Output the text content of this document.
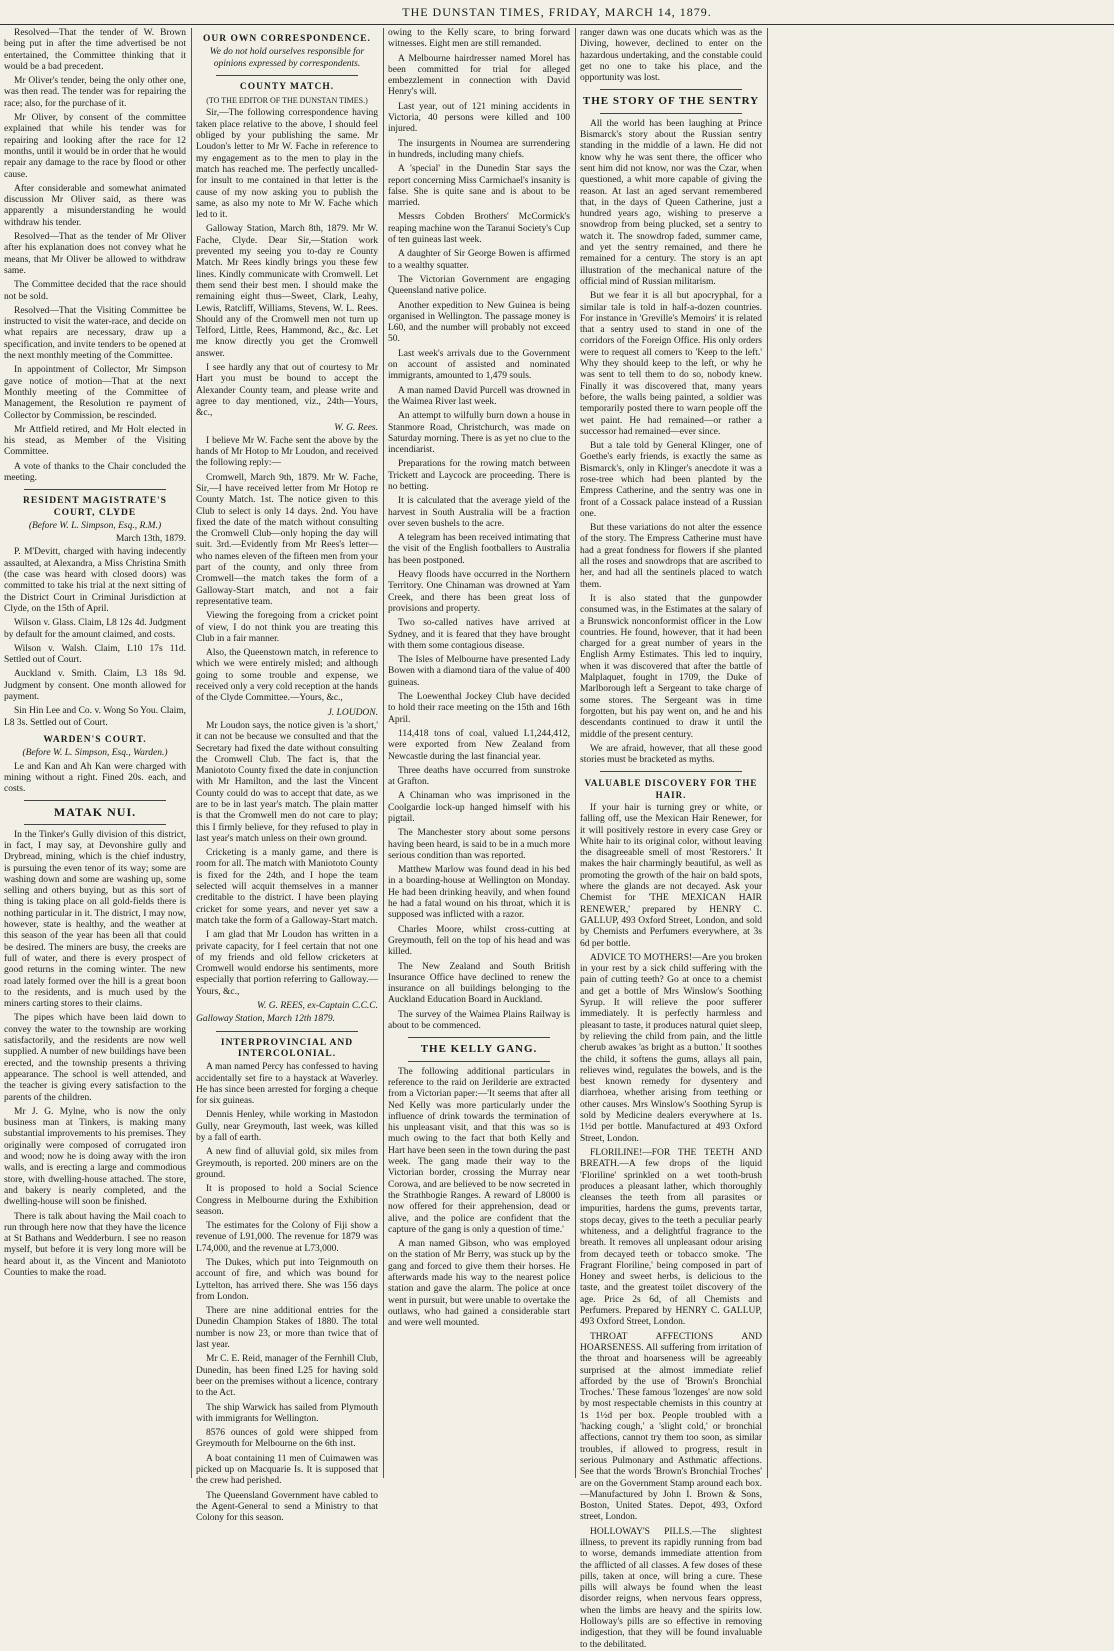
THE DUNSTAN TIMES, FRIDAY, MARCH 14, 1879.

Resolved—That the tender of W. Brown being put in after the time advertised be not entertained, the Committee thinking that it would be a bad precedent.

Mr Oliver's tender, being the only other one, was then read. The tender was for repairing the race; also, for the purchase of it.

Mr Oliver, by consent of the committee explained that while his tender was for repairing and looking after the race for 12 months, until it would be in order that he would repair any damage to the race by flood or other cause.

After considerable and somewhat animated discussion Mr Oliver said, as there was apparently a misunderstanding he would withdraw his tender.

Resolved—That as the tender of Mr Oliver after his explanation does not convey what he means, that Mr Oliver be allowed to withdraw same.

The Committee decided that the race should not be sold.

Resolved—That the Visiting Committee be instructed to visit the water-race, and decide on what repairs are necessary, draw up a specification, and invite tenders to be opened at the next monthly meeting of the Committee.

In appointment of Collector, Mr Simpson gave notice of motion—That at the next Monthly meeting of the Committee of Management, the Resolution re payment of Collector by Commission, be rescinded.

Mr Attfield retired, and Mr Holt elected in his stead, as Member of the Visiting Committee.

A vote of thanks to the Chair concluded the meeting.

RESIDENT MAGISTRATE'S COURT, CLYDE
(Before W. L. Simpson, Esq., R.M.)
March 13th, 1879.

P. M'Devitt, charged with having indecently assaulted, at Alexandra, a Miss Christina Smith (the case was heard with closed doors) was committed to take his trial at the next sitting of the District Court in Criminal Jurisdiction at Clyde, on the 15th of April.

Wilson v. Glass. Claim, L8 12s 4d. Judgment by default for the amount claimed, and costs.

Wilson v. Walsh. Claim, L10 17s 11d. Settled out of Court.

Auckland v. Smith. Claim, L3 18s 9d. Judgment by consent. One month allowed for payment.

Sin Hin Lee and Co. v. Wong So You. Claim, L8 3s. Settled out of Court.

WARDEN'S COURT.
(Before W. L. Simpson, Esq., Warden.)

Le and Kan and Ah Kan were charged with mining without a right. Fined 20s. each, and costs.

MATAK NUI.

In the Tinker's Gully division of this district, in fact, I may say, at Devonshire gully and Drybread, mining, which is the chief industry, is pursuing the even tenor of its way; some are washing down and some are washing up, some selling and others buying, but as this sort of thing is taking place on all gold-fields there is nothing particular in it. The district, I may now, however, state is healthy, and the weather at this season of the year has been all that could be desired. The miners are busy, the creeks are full of water, and there is every prospect of good returns in the coming winter. The new road lately formed over the hill is a great boon to the residents, and is much used by the miners carting stores to their claims.

The pipes which have been laid down to convey the water to the township are working satisfactorily, and the residents are now well supplied. A number of new buildings have been erected, and the township presents a thriving appearance. The school is well attended, and the teacher is giving every satisfaction to the parents of the children.

Mr J. G. Mylne, who is now the only business man at Tinkers, is making many substantial improvements to his premises. They originally were composed of corrugated iron and wood; now he is doing away with the iron walls, and is erecting a large and commodious store, with dwelling-house attached. The store, and bakery is nearly completed, and the dwelling-house will soon be finished.

There is talk about having the Mail coach to run through here now that they have the licence at St Bathans and Wedderburn. I see no reason myself, but before it is very long more will be heard about it, as the Vincent and Maniototo Counties to make the road.

OUR OWN CORRESPONDENCE.
We do not hold ourselves responsible for opinions expressed by correspondents.
COUNTY MATCH.
(TO THE EDITOR OF THE DUNSTAN TIMES.)

Sir,—The following correspondence having taken place relative to the above, I should feel obliged by your publishing the same. Mr Loudon's letter to Mr W. Fache in reference to my engagement as to the men to play in the match has reached me. The perfectly uncalled-for insult to me contained in that letter is the cause of my now asking you to publish the same, as also my note to Mr W. Fache which led to it.

Galloway Station, March 8th, 1879. Mr W. Fache, Clyde. Dear Sir,—Station work prevented my seeing you to-day re County Match. Mr Rees kindly brings you these few lines. Kindly communicate with Cromwell. Let them send their best men. I should make the remaining eight thus—Sweet, Clark, Leahy, Lewis, Ratcliff, Williams, Stevens, W. L. Rees. Should any of the Cromwell men not turn up Telford, Little, Rees, Hammond, &c., &c. Let me know directly you get the Cromwell answer.

I see hardly any that out of courtesy to Mr Hart you must be bound to accept the Alexander County team, and please write and agree to day mentioned, viz., 24th—Yours, &c.,

W. G. Rees.

I believe Mr W. Fache sent the above by the hands of Mr Hotop to Mr Loudon, and received the following reply:—

Cromwell, March 9th, 1879. Mr W. Fache, Sir,—I have received letter from Mr Hotop re County Match. 1st. The notice given to this Club to select is only 14 days. 2nd. You have fixed the date of the match without consulting the Cromwell Club—only hoping the day will suit. 3rd.—Evidently from Mr Rees's letter—who names eleven of the fifteen men from your part of the county, and only three from Cromwell—the match takes the form of a Galloway-Start match, and not a fair representative team.

Viewing the foregoing from a cricket point of view, I do not think you are treating this Club in a fair manner.

Also, the Queenstown match, in reference to which we were entirely misled; and although going to some trouble and expense, we received only a very cold reception at the hands of the Clyde Committee.—Yours, &c.,

J. LOUDON.

Mr Loudon says, the notice given is 'a short,' it can not be because we consulted and that the Secretary had fixed the date without consulting the Cromwell Club. The fact is, that the Maniototo County fixed the date in conjunction with Mr Hamilton, and the last the Vincent County could do was to accept that date, as we are to be in last year's match. The plain matter is that the Cromwell men do not care to play; this I firmly believe, for they refused to play in last year's match unless on their own ground.

Cricketing is a manly game, and there is room for all. The match with Maniototo County is fixed for the 24th, and I hope the team selected will acquit themselves in a manner creditable to the district. I have been playing cricket for some years, and never yet saw a match take the form of a Galloway-Start match.

I am glad that Mr Loudon has written in a private capacity, for I feel certain that not one of my friends and old fellow cricketers at Cromwell would endorse his sentiments, more especially that portion referring to Galloway.—Yours, &c.,

W. G. REES, ex-Captain C.C.C.
Galloway Station, March 12th 1879.
INTERPROVINCIAL AND INTERCOLONIAL.

A man named Percy has confessed to having accidentally set fire to a haystack at Waverley. He has since been arrested for forging a cheque for six guineas.

Dennis Henley, while working in Mastodon Gully, near Greymouth, last week, was killed by a fall of earth.

A new find of alluvial gold, six miles from Greymouth, is reported. 200 miners are on the ground.

It is proposed to hold a Social Science Congress in Melbourne during the Exhibition season.

The estimates for the Colony of Fiji show a revenue of L91,000. The revenue for 1879 was L74,000, and the revenue at L73,000.

The Dukes, which put into Teignmouth on account of fire, and which was bound for Lyttelton, has arrived there. She was 156 days from London.

There are nine additional entries for the Dunedin Champion Stakes of 1880. The total number is now 23, or more than twice that of last year.

Mr C. E. Reid, manager of the Fernhill Club, Dunedin, has been fined L25 for having sold beer on the premises without a licence, contrary to the Act.

The ship Warwick has sailed from Plymouth with immigrants for Wellington.

8576 ounces of gold were shipped from Greymouth for Melbourne on the 6th inst.

A boat containing 11 men of Cuimawen was picked up on Macquarie Is. It is supposed that the crew had perished.

The Queensland Government have cabled to the Agent-General to send a Ministry to that Colony for this season.

owing to the Kelly scare, to bring forward witnesses. Eight men are still remanded.

A Melbourne hairdresser named Morel has been committed for trial for alleged embezzlement in connection with David Henry's will.

Last year, out of 121 mining accidents in Victoria, 40 persons were killed and 100 injured.

The insurgents in Noumea are surrendering in hundreds, including many chiefs.

A 'special' in the Dunedin Star says the report concerning Miss Carmichael's insanity is false. She is quite sane and is about to be married.

Messrs Cobden Brothers' McCormick's reaping machine won the Taranui Society's Cup of ten guineas last week.

A daughter of Sir George Bowen is affirmed to a wealthy squatter.

The Victorian Government are engaging Queensland native police.

Another expedition to New Guinea is being organised in Wellington. The passage money is L60, and the number will probably not exceed 50.

Last week's arrivals due to the Government on account of assisted and nominated immigrants, amounted to 1,479 souls.

A man named David Purcell was drowned in the Waimea River last week.

An attempt to wilfully burn down a house in Stanmore Road, Christchurch, was made on Saturday morning. There is as yet no clue to the incendiarist.

Preparations for the rowing match between Trickett and Laycock are proceeding. There is no betting.

It is calculated that the average yield of the harvest in South Australia will be a fraction over seven bushels to the acre.

A telegram has been received intimating that the visit of the English footballers to Australia has been postponed.

Heavy floods have occurred in the Northern Territory. One Chinaman was drowned at Yam Creek, and there has been great loss of provisions and property.

Two so-called natives have arrived at Sydney, and it is feared that they have brought with them some contagious disease.

The Isles of Melbourne have presented Lady Bowen with a diamond tiara of the value of 400 guineas.

The Loewenthal Jockey Club have decided to hold their race meeting on the 15th and 16th April.

114,418 tons of coal, valued L1,244,412, were exported from New Zealand from Newcastle during the last financial year.

Three deaths have occurred from sunstroke at Grafton.

A Chinaman who was imprisoned in the Coolgardie lock-up hanged himself with his pigtail.

The Manchester story about some persons having been heard, is said to be in a much more serious condition than was reported.

Matthew Marlow was found dead in his bed in a boarding-house at Wellington on Monday. He had been drinking heavily, and when found he had a fatal wound on his throat, which it is supposed was inflicted with a razor.

Charles Moore, whilst cross-cutting at Greymouth, fell on the top of his head and was killed.

The New Zealand and South British Insurance Office have declined to renew the insurance on all buildings belonging to the Auckland Education Board in Auckland.

The survey of the Waimea Plains Railway is about to be commenced.

THE KELLY GANG.

The following additional particulars in reference to the raid on Jerilderie are extracted from a Victorian paper:—'It seems that after all Ned Kelly was more particularly under the influence of drink towards the termination of his unpleasant visit, and that this was so is much owing to the fact that both Kelly and Hart have been seen in the town during the past week. The gang made their way to the Victorian border, crossing the Murray near Corowa, and are believed to be now secreted in the Strathbogie Ranges. A reward of L8000 is now offered for their apprehension, dead or alive, and the police are confident that the capture of the gang is only a question of time.'

A man named Gibson, who was employed on the station of Mr Berry, was stuck up by the gang and forced to give them their horses. He afterwards made his way to the nearest police station and gave the alarm. The police at once went in pursuit, but were unable to overtake the outlaws, who had gained a considerable start and were well mounted.

ranger dawn was one ducats which was as the Diving, however, declined to enter on the hazardous undertaking, and the constable could get no one to take his place, and the opportunity was lost.

THE STORY OF THE SENTRY

All the world has been laughing at Prince Bismarck's story about the Russian sentry standing in the middle of a lawn. He did not know why he was sent there, the officer who sent him did not know, nor was the Czar, when questioned, a whit more capable of giving the reason. At last an aged servant remembered that, in the days of Queen Catherine, just a hundred years ago, wishing to preserve a snowdrop from being plucked, set a sentry to watch it. The snowdrop faded, summer came, and yet the sentry remained, and there he remained for a century. The story is an apt illustration of the mechanical nature of the official mind of Russian militarism.

But we fear it is all but apocryphal, for a similar tale is told in half-a-dozen countries. For instance in 'Greville's Memoirs' it is related that a sentry used to stand in one of the corridors of the Foreign Office. His only orders were to request all comers to 'Keep to the left.' Why they should keep to the left, or why he was sent to tell them to do so, nobody knew. Finally it was discovered that, many years before, the walls being painted, a soldier was temporarily posted there to warn people off the wet paint. He had remained—or rather a successor had remained—ever since.

But a tale told by General Klinger, one of Goethe's early friends, is exactly the same as Bismarck's, only in Klinger's anecdote it was a rose-tree which had been planted by the Empress Catherine, and the sentry was one in front of a Cossack palace instead of a Russian one.

But these variations do not alter the essence of the story. The Empress Catherine must have had a great fondness for flowers if she planted all the roses and snowdrops that are ascribed to her, and had all the sentinels placed to watch them.

It is also stated that the gunpowder consumed was, in the Estimates at the salary of a Brunswick nonconformist officer in the Low countries. He found, however, that it had been charged for a great number of years in the English Army Estimates. This led to inquiry, when it was discovered that after the battle of Malplaquet, fought in 1709, the Duke of Marlborough left a Sergeant to take charge of some stores. The Sergeant was in time forgotten, but his pay went on, and he and his descendants continued to draw it until the middle of the present century.

We are afraid, however, that all these good stories must be bracketed as myths.

VALUABLE DISCOVERY FOR THE HAIR.

If your hair is turning grey or white, or falling off, use the Mexican Hair Renewer, for it will positively restore in every case Grey or White hair to its original color, without leaving the disagreeable smell of most 'Restorers.' It makes the hair charmingly beautiful, as well as promoting the growth of the hair on bald spots, where the glands are not decayed. Ask your Chemist for 'THE MEXICAN HAIR RENEWER,' prepared by HENRY C. GALLUP, 493 Oxford Street, London, and sold by Chemists and Perfumers everywhere, at 3s 6d per bottle.

ADVICE TO MOTHERS!—Are you broken in your rest by a sick child suffering with the pain of cutting teeth? Go at once to a chemist and get a bottle of Mrs Winslow's Soothing Syrup. It will relieve the poor sufferer immediately. It is perfectly harmless and pleasant to taste, it produces natural quiet sleep, by relieving the child from pain, and the little cherub awakes 'as bright as a button.' It soothes the child, it softens the gums, allays all pain, relieves wind, regulates the bowels, and is the best known remedy for dysentery and diarrhoea, whether arising from teething or other causes. Mrs Winslow's Soothing Syrup is sold by Medicine dealers everywhere at 1s. 1½d per bottle. Manufactured at 493 Oxford Street, London.

FLORILINE!—FOR THE TEETH AND BREATH.—A few drops of the liquid 'Floriline' sprinkled on a wet tooth-brush produces a pleasant lather, which thoroughly cleanses the teeth from all parasites or impurities, hardens the gums, prevents tartar, stops decay, gives to the teeth a peculiar pearly whiteness, and a delightful fragrance to the breath. It removes all unpleasant odour arising from decayed teeth or tobacco smoke. 'The Fragrant Floriline,' being composed in part of Honey and sweet herbs, is delicious to the taste, and the greatest toilet discovery of the age. Price 2s 6d, of all Chemists and Perfumers. Prepared by HENRY C. GALLUP, 493 Oxford Street, London.

THROAT AFFECTIONS AND HOARSENESS. All suffering from irritation of the throat and hoarseness will be agreeably surprised at the almost immediate relief afforded by the use of 'Brown's Bronchial Troches.' These famous 'lozenges' are now sold by most respectable chemists in this country at 1s 1½d per box. People troubled with a 'hacking cough,' a 'slight cold,' or bronchial affections, cannot try them too soon, as similar troubles, if allowed to progress, result in serious Pulmonary and Asthmatic affections. See that the words 'Brown's Bronchial Troches' are on the Government Stamp around each box.—Manufactured by John I. Brown & Sons, Boston, United States. Depot, 493, Oxford street, London.

HOLLOWAY'S PILLS.—The slightest illness, to prevent its rapidly running from bad to worse, demands immediate attention from the afflicted of all classes. A few doses of these pills, taken at once, will bring a cure. These pills will always be found when the least disorder reigns, when nervous fears oppress, when the limbs are heavy and the spirits low. Holloway's pills are so effective in removing indigestion, that they will be found invaluable to the debilitated.
